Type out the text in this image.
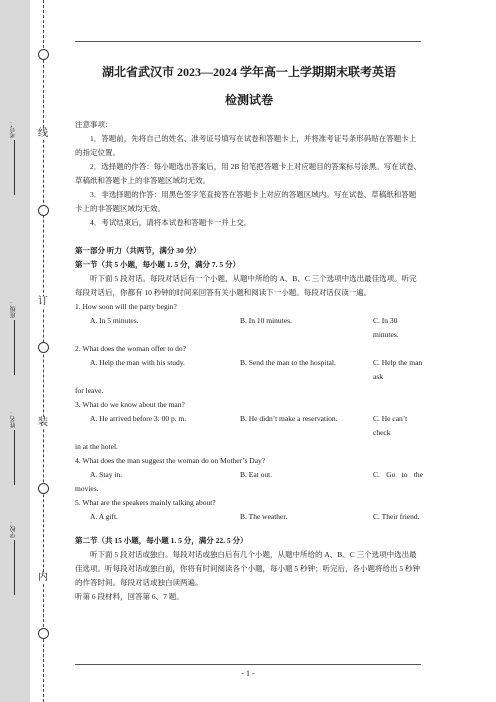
线
订
装
内
考号：
班级：
姓名：
学校：
湖北省武汉市 2023—2024 学年高一上学期期末联考英语
检测试卷

注意事项：

1．答题前，先将自己的姓名、准考证号填写在试卷和答题卡上，并将准考证号条形码贴在答题卡上的指定位置。

2．选择题的作答：每小题选出答案后，用 2B 铅笔把答题卡上对应题目的答案标号涂黑。写在试卷、草稿纸和答题卡上的非答题区域均无效。

3．非选择题的作答：用黑色签字笔直接答在答题卡上对应的答题区域内。写在试卷、草稿纸和答题卡上的非答题区域均无效。

4．考试结束后，请将本试卷和答题卡一并上交。

第一部分 听力（共两节，满分 30 分）

第一节（共 5 小题，每小题 1. 5 分，满分 7. 5 分）

听下面 5 段对话。每段对话后有一个小题，从题中所给的 A、B、C 三个选项中选出最佳选项。听完每段对话后，你都有 10 秒钟的时间来回答有关小题和阅读下一小题。每段对话仅读一遍。

1. How soon will the party begin?

A. In 5 minutes.	B. In 10 minutes.	C. In 30 minutes.

2. What does the woman offer to do?

A. Help the man with his study.	B. Send the man to the hospital.	C. Help the man ask

for leave.

3. What do we know about the man?

A. He arrived before 3: 00 p. m.	B. He didn’t make a reservation.	C. He can’t check

in at the hotel.

4. What does the man suggest the woman do on Mother’s Day?

A. Stay in.	B. Eat out.	C. Go to the

movies.

5. What are the speakers mainly talking about?

A. A gift.	B. The weather.	C. Their friend.

第二节（共 15 小题，每小题 1. 5 分，满分 22. 5 分）

听下面 5 段对话或独白。每段对话或独白后有几个小题，从题中所给的 A、B、C 三个选项中选出最佳选项。听每段对话或独白前，你将有时间阅读各个小题，每小题 5 秒钟；听完后，各小题将给出 5 秒钟的作答时间。每段对话或独白读两遍。

听第 6 段材料，回答第 6、7 题。

- 1 -
